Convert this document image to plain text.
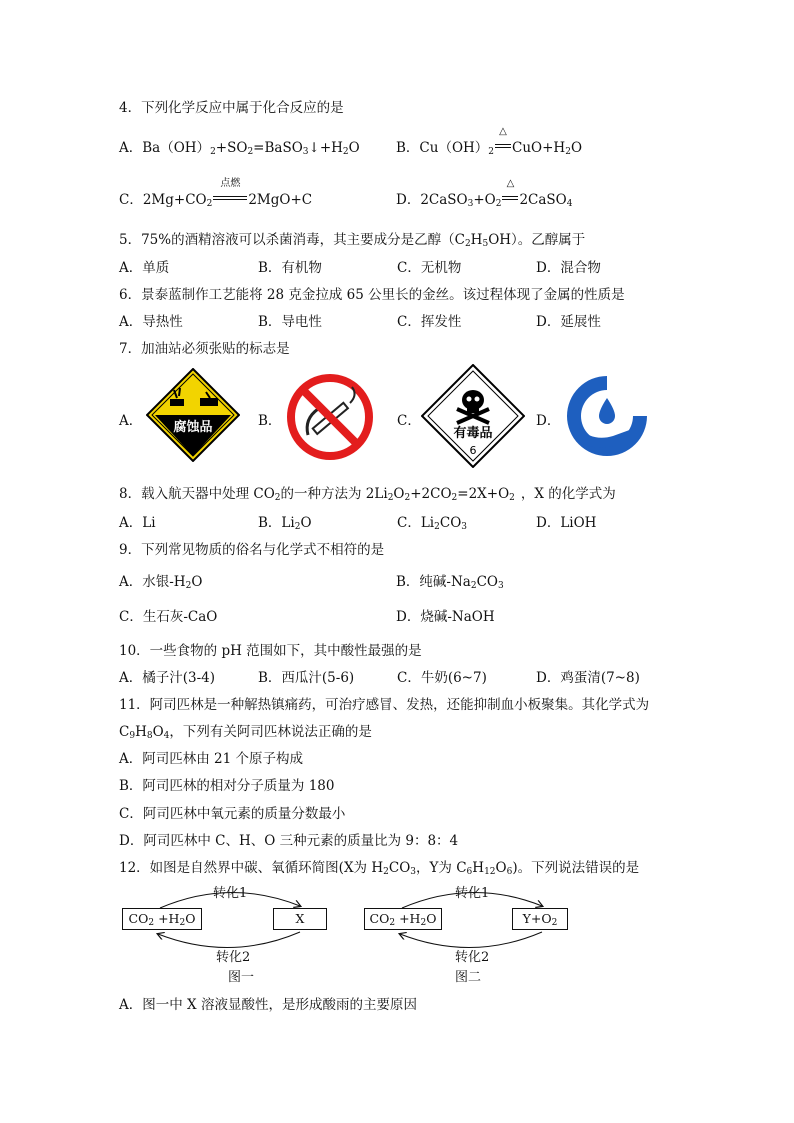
4．下列化学反应中属于化合反应的是
A．$Ba(OH)_2+SO_2=BaSO_3↓+H_2O$	B．$Cu(OH)_2$
△
$CuO+H_2O$
C．$2Mg+CO_2$
点燃
2MgO+C	D．$2CaSO_3+O_2$
△
2CaSO$_4$
5．75%的酒精溶液可以杀菌消毒，其主要成分是乙醇$(C_2H_5OH)$。乙醇属于
A．单质	B．有机物	C．无机物	D．混合物
6．景泰蓝制作工艺能将 28 克金拉成 65 公里长的金丝。该过程体现了金属的性质是
A．导热性	B．导电性	C．挥发性	D．延展性
7．加油站必须张贴的标志是
A．	B．	C．	D．
腐蚀品	有毒品
6
8．载入航天器中处理 $CO_2$的一种方法为 $2Li_2O_2+2CO_2=2X+O_2$ ，X 的化学式为
A．Li	B．$Li_2O$	C．$Li_2CO_3$	D．LiOH
9．下列常见物质的俗名与化学式不相符的是
A．水银$-H_2O$	B．纯碱$-Na_2CO_3$
C．生石灰-CaO	D．烧碱-NaOH
10．一些食物的 pH 范围如下，其中酸性最强的是
A．橘子汁(3-4)	B．西瓜汁(5-6)	C．牛奶(6~7)	D．鸡蛋清(7~8)
11．阿司匹林是一种解热镇痛药，可治疗感冒、发热，还能抑制血小板聚集。其化学式为
$C_9H_8O_4$，下列有关阿司匹林说法正确的是
A．阿司匹林由 21 个原子构成
B．阿司匹林的相对分子质量为 180
C．阿司匹林中氧元素的质量分数最小
D．阿司匹林中 C、H、O 三种元素的质量比为 9：8：4
12．如图是自然界中碳、氧循环简图(X为 $H_2CO_3$，Y为 $C_6H_{12}O_6$)。下列说法错误的是
$CO_2 +H_2O$	X
转化1
转化2
图一
$CO_2 +H_2O$	$Y+O_2$
转化1
转化2
图二
A．图一中 X 溶液显酸性，是形成酸雨的主要原因
